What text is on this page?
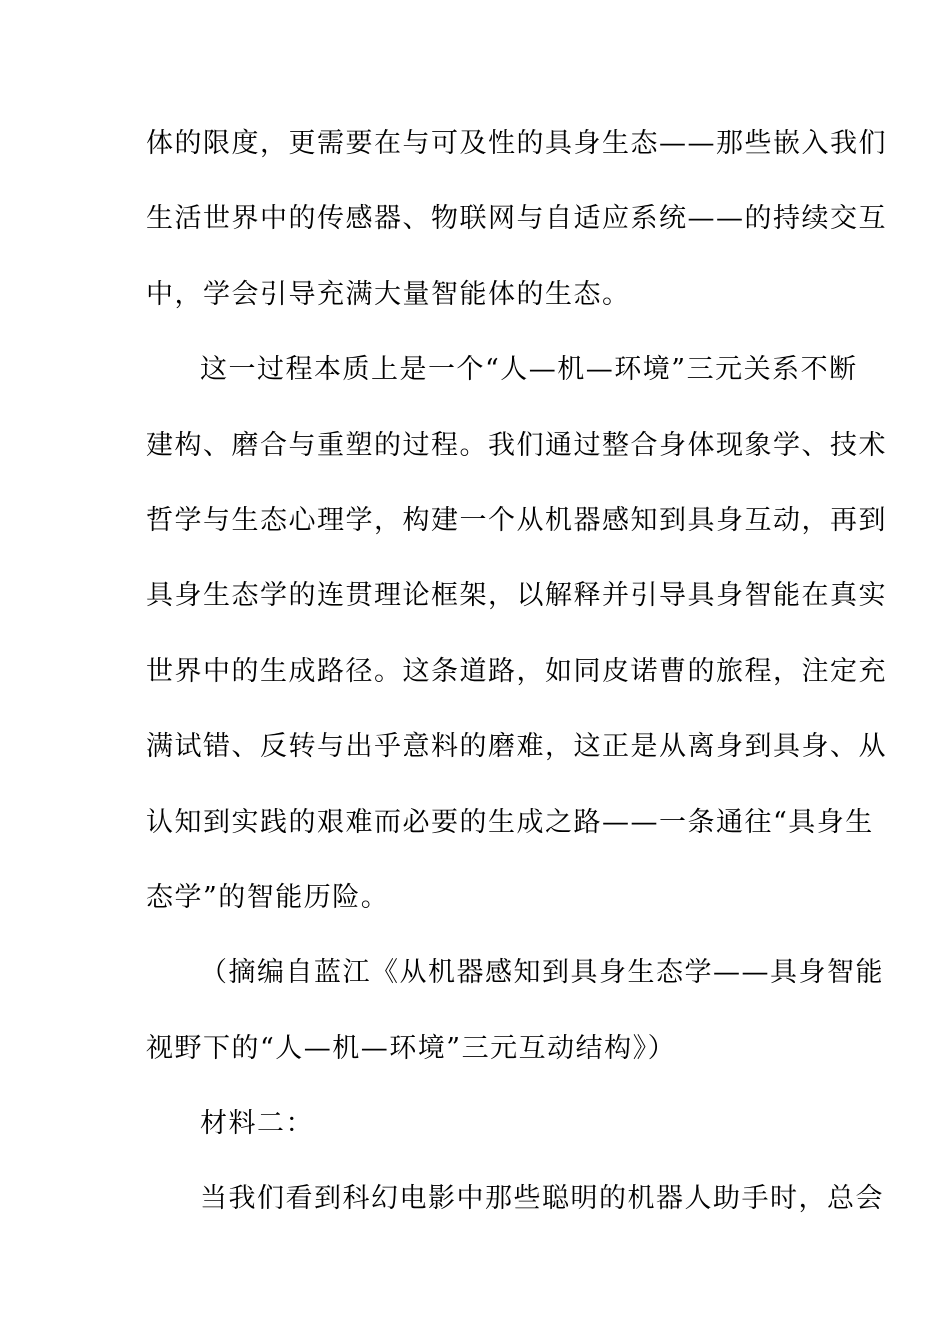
体的限度，更需要在与可及性的具身生态——那些嵌入我们
生活世界中的传感器、物联网与自适应系统——的持续交互
中，学会引导充满大量智能体的生态。
这一过程本质上是一个“人—机—环境”三元关系不断
建构、磨合与重塑的过程。我们通过整合身体现象学、技术
哲学与生态心理学，构建一个从机器感知到具身互动，再到
具身生态学的连贯理论框架，以解释并引导具身智能在真实
世界中的生成路径。这条道路，如同皮诺曹的旅程，注定充
满试错、反转与出乎意料的磨难，这正是从离身到具身、从
认知到实践的艰难而必要的生成之路——一条通往“具身生
态学”的智能历险。
（摘编自蓝江《从机器感知到具身生态学——具身智能
视野下的“人—机—环境”三元互动结构》）
材料二：
当我们看到科幻电影中那些聪明的机器人助手时，总会
